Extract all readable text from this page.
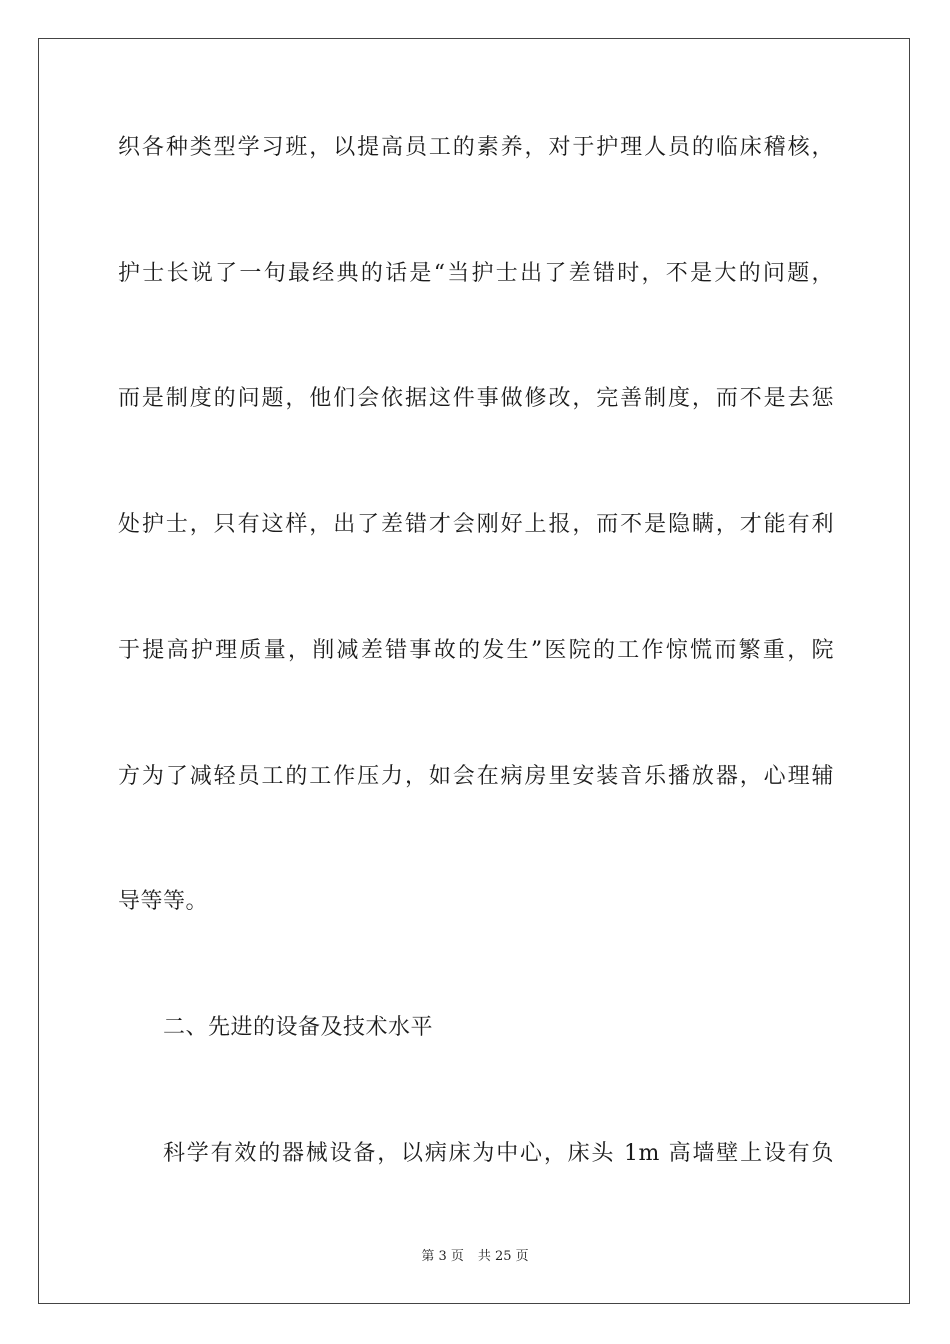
织各种类型学习班，以提高员工的素养，对于护理人员的临床稽核，
护士长说了一句最经典的话是“当护士出了差错时，不是大的问题，
而是制度的问题，他们会依据这件事做修改，完善制度，而不是去惩
处护士，只有这样，出了差错才会刚好上报，而不是隐瞒，才能有利
于提高护理质量，削减差错事故的发生”医院的工作惊慌而繁重，院
方为了减轻员工的工作压力，如会在病房里安装音乐播放器，心理辅
导等等。
二、先进的设备及技术水平
科学有效的器械设备，以病床为中心，床头 1m 高墙壁上设有负
第 3 页 共 25 页
